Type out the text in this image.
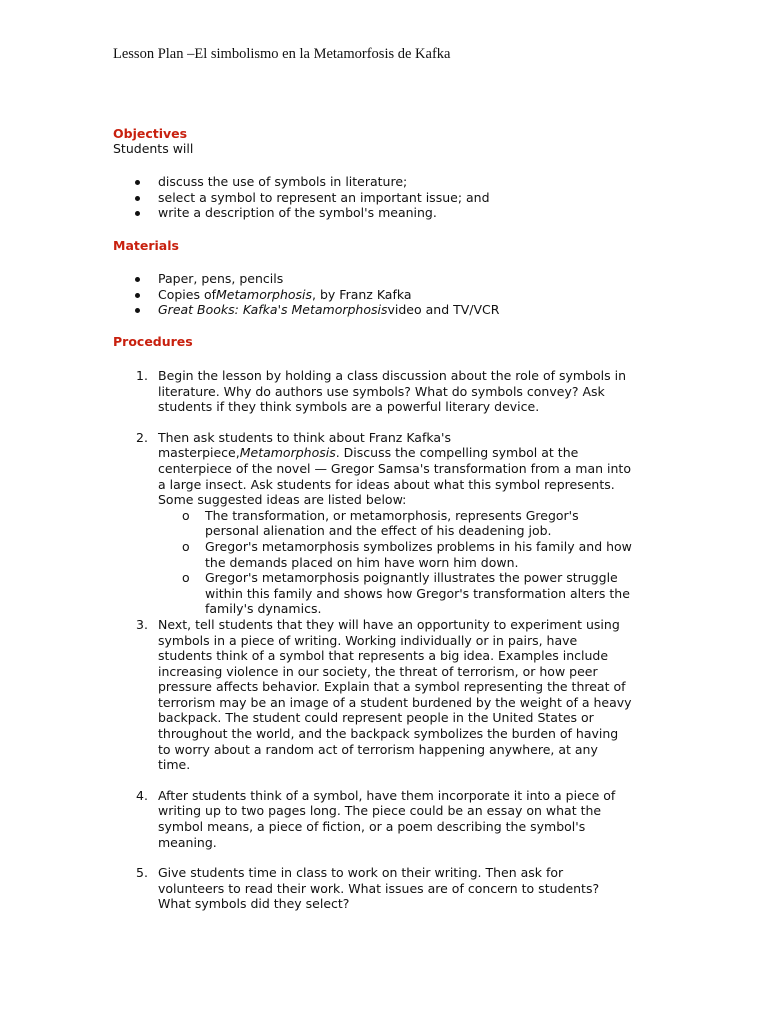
Lesson Plan –El simbolismo en la Metamorfosis de Kafka
Objectives
Students will
discuss the use of symbols in literature;
select a symbol to represent an important issue; and
write a description of the symbol's meaning.
Materials
Paper, pens, pencils
Copies ofMetamorphosis, by Franz Kafka
Great Books: Kafka's Metamorphosisvideo and TV/VCR
Procedures
1. Begin the lesson by holding a class discussion about the role of symbols in literature. Why do authors use symbols? What do symbols convey? Ask students if they think symbols are a powerful literary device.
2. Then ask students to think about Franz Kafka's masterpiece,Metamorphosis. Discuss the compelling symbol at the centerpiece of the novel — Gregor Samsa's transformation from a man into a large insect. Ask students for ideas about what this symbol represents. Some suggested ideas are listed below:
o The transformation, or metamorphosis, represents Gregor's personal alienation and the effect of his deadening job.
o Gregor's metamorphosis symbolizes problems in his family and how the demands placed on him have worn him down.
o Gregor's metamorphosis poignantly illustrates the power struggle within this family and shows how Gregor's transformation alters the family's dynamics.
3. Next, tell students that they will have an opportunity to experiment using symbols in a piece of writing. Working individually or in pairs, have students think of a symbol that represents a big idea. Examples include increasing violence in our society, the threat of terrorism, or how peer pressure affects behavior. Explain that a symbol representing the threat of terrorism may be an image of a student burdened by the weight of a heavy backpack. The student could represent people in the United States or throughout the world, and the backpack symbolizes the burden of having to worry about a random act of terrorism happening anywhere, at any time.
4. After students think of a symbol, have them incorporate it into a piece of writing up to two pages long. The piece could be an essay on what the symbol means, a piece of fiction, or a poem describing the symbol's meaning.
5. Give students time in class to work on their writing. Then ask for volunteers to read their work. What issues are of concern to students? What symbols did they select?
